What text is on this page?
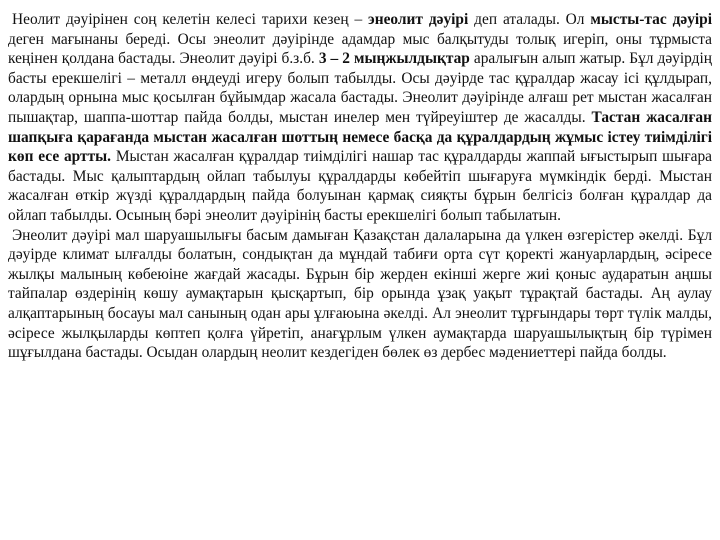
Неолит дәуірінен соң келетін келесі тарихи кезең – энеолит дәуірі деп аталады. Ол мысты-тас дәуірі деген мағынаны береді. Осы энеолит дәуірінде адамдар мыс балқытуды толық игеріп, оны тұрмыста кеңінен қолдана бастады. Энеолит дәуірі б.з.б. 3 – 2 мыңжылдықтар аралығын алып жатыр. Бұл дәуірдің басты ерекшелігі – металл өңдеуді игеру болып табылды. Осы дәуірде тас құралдар жасау ісі құлдырап, олардың орнына мыс қосылған бұйымдар жасала бастады. Энеолит дәуірінде алғаш рет мыстан жасалған пышақтар, шаппа-шоттар пайда болды, мыстан инелер мен түйреуіштер де жасалды. Тастан жасалған шапқыға қарағанда мыстан жасалған шоттың немесе басқа да құралдардың жұмыс істеу тиімділігі көп есе артты. Мыстан жасалған құралдар тиімділігі нашар тас құралдарды жаппай ығыстырып шығара бастады. Мыс қалыптардың ойлап табылуы құралдарды көбейтіп шығаруға мүмкіндік берді. Мыстан жасалған өткір жүзді құралдардың пайда болуынан қармақ сияқты бұрын белгісіз болған құралдар да ойлап табылды. Осының бәрі энеолит дәуірінің басты ерекшелігі болып табылатын.

Энеолит дәуірі мал шаруашылығы басым дамыған Қазақстан далаларына да үлкен өзгерістер әкелді. Бұл дәуірде климат ылғалды болатын, сондықтан да мұндай табиғи орта сүт қоректі жануарлардың, әсіресе жылқы малының көбеюіне жағдай жасады. Бұрын бір жерден екінші жерге жиі қоныс аударатын аңшы тайпалар өздерінің көшу аумақтарын қысқартып, бір орында ұзақ уақыт тұрақтай бастады. Аң аулау алқаптарының босауы мал санының одан ары ұлғаюына әкелді. Ал энеолит тұрғындары төрт түлік малды, әсіресе жылқыларды көптеп қолға үйретіп, анағұрлым үлкен аумақтарда шаруашылықтың бір түрімен шұғылдана бастады. Осыдан олардың неолит кездегіден бөлек өз дербес мәдениеттері пайда болды.
